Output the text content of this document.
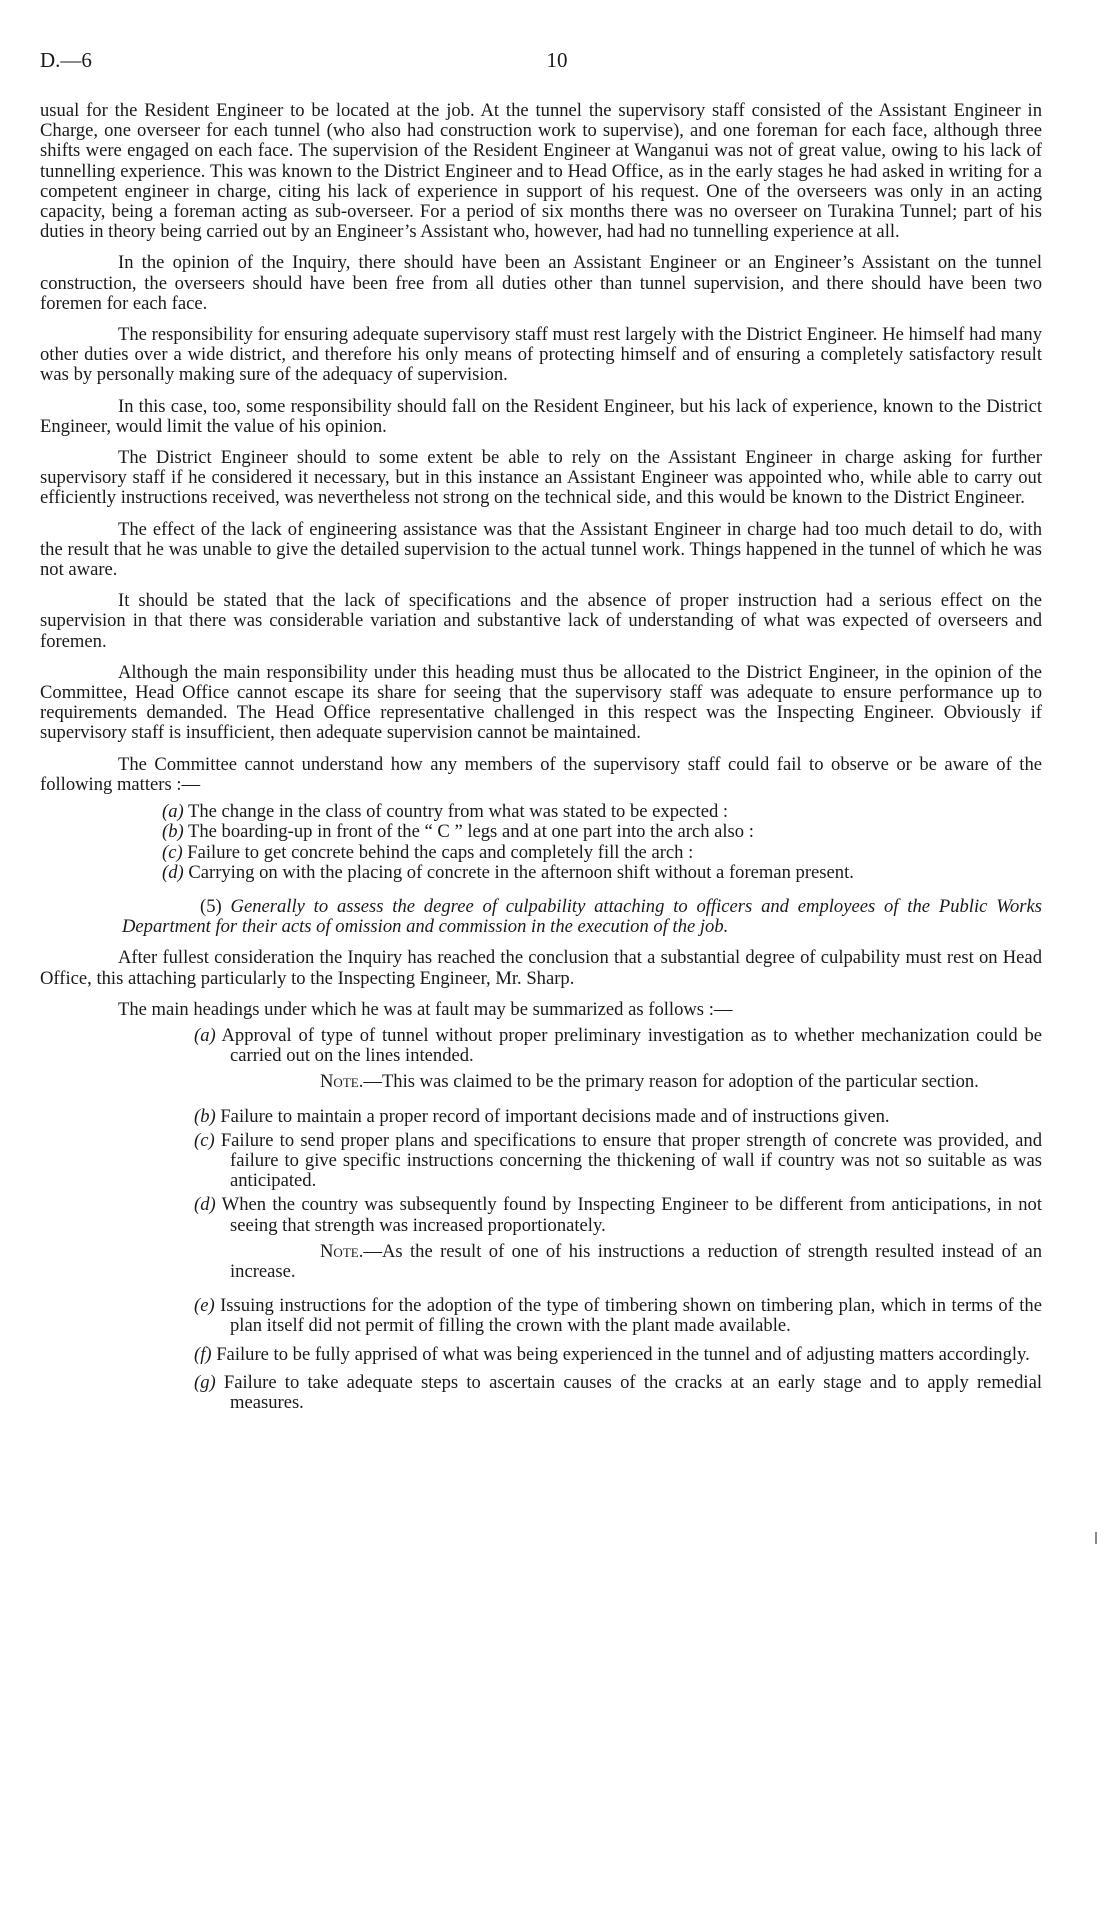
D.—6	10

usual for the Resident Engineer to be located at the job. At the tunnel the supervisory staff consisted of the Assistant Engineer in Charge, one overseer for each tunnel (who also had construction work to supervise), and one foreman for each face, although three shifts were engaged on each face. The supervision of the Resident Engineer at Wanganui was not of great value, owing to his lack of tunnelling experience. This was known to the District Engineer and to Head Office, as in the early stages he had asked in writing for a competent engineer in charge, citing his lack of experience in support of his request. One of the overseers was only in an acting capacity, being a foreman acting as sub-overseer. For a period of six months there was no overseer on Turakina Tunnel; part of his duties in theory being carried out by an Engineer’s Assistant who, however, had had no tunnelling experience at all.

In the opinion of the Inquiry, there should have been an Assistant Engineer or an Engineer’s Assistant on the tunnel construction, the overseers should have been free from all duties other than tunnel supervision, and there should have been two foremen for each face.

The responsibility for ensuring adequate supervisory staff must rest largely with the District Engineer. He himself had many other duties over a wide district, and therefore his only means of protecting himself and of ensuring a completely satisfactory result was by personally making sure of the adequacy of supervision.

In this case, too, some responsibility should fall on the Resident Engineer, but his lack of experience, known to the District Engineer, would limit the value of his opinion.

The District Engineer should to some extent be able to rely on the Assistant Engineer in charge asking for further supervisory staff if he considered it necessary, but in this instance an Assistant Engineer was appointed who, while able to carry out efficiently instructions received, was nevertheless not strong on the technical side, and this would be known to the District Engineer.

The effect of the lack of engineering assistance was that the Assistant Engineer in charge had too much detail to do, with the result that he was unable to give the detailed supervision to the actual tunnel work. Things happened in the tunnel of which he was not aware.

It should be stated that the lack of specifications and the absence of proper instruction had a serious effect on the supervision in that there was considerable variation and substantive lack of understanding of what was expected of overseers and foremen.

Although the main responsibility under this heading must thus be allocated to the District Engineer, in the opinion of the Committee, Head Office cannot escape its share for seeing that the supervisory staff was adequate to ensure performance up to requirements demanded. The Head Office representative challenged in this respect was the Inspecting Engineer. Obviously if supervisory staff is insufficient, then adequate supervision cannot be maintained.

The Committee cannot understand how any members of the supervisory staff could fail to observe or be aware of the following matters :—

(a) The change in the class of country from what was stated to be expected :
(b) The boarding-up in front of the “ C ” legs and at one part into the arch also :
(c) Failure to get concrete behind the caps and completely fill the arch :
(d) Carrying on with the placing of concrete in the afternoon shift without a foreman present.

(5) Generally to assess the degree of culpability attaching to officers and employees of the Public Works Department for their acts of omission and commission in the execution of the job.

After fullest consideration the Inquiry has reached the conclusion that a substantial degree of culpability must rest on Head Office, this attaching particularly to the Inspecting Engineer, Mr. Sharp.

The main headings under which he was at fault may be summarized as follows :—

(a) Approval of type of tunnel without proper preliminary investigation as to whether mechanization could be carried out on the lines intended.
Note.—This was claimed to be the primary reason for adoption of the particular section.
(b) Failure to maintain a proper record of important decisions made and of instructions given.
(c) Failure to send proper plans and specifications to ensure that proper strength of concrete was provided, and failure to give specific instructions concerning the thickening of wall if country was not so suitable as was anticipated.
(d) When the country was subsequently found by Inspecting Engineer to be different from anticipations, in not seeing that strength was increased proportionately.
Note.—As the result of one of his instructions a reduction of strength resulted instead of an increase.
(e) Issuing instructions for the adoption of the type of timbering shown on timbering plan, which in terms of the plan itself did not permit of filling the crown with the plant made available.
(f) Failure to be fully apprised of what was being experienced in the tunnel and of adjusting matters accordingly.
(g) Failure to take adequate steps to ascertain causes of the cracks at an early stage and to apply remedial measures.
